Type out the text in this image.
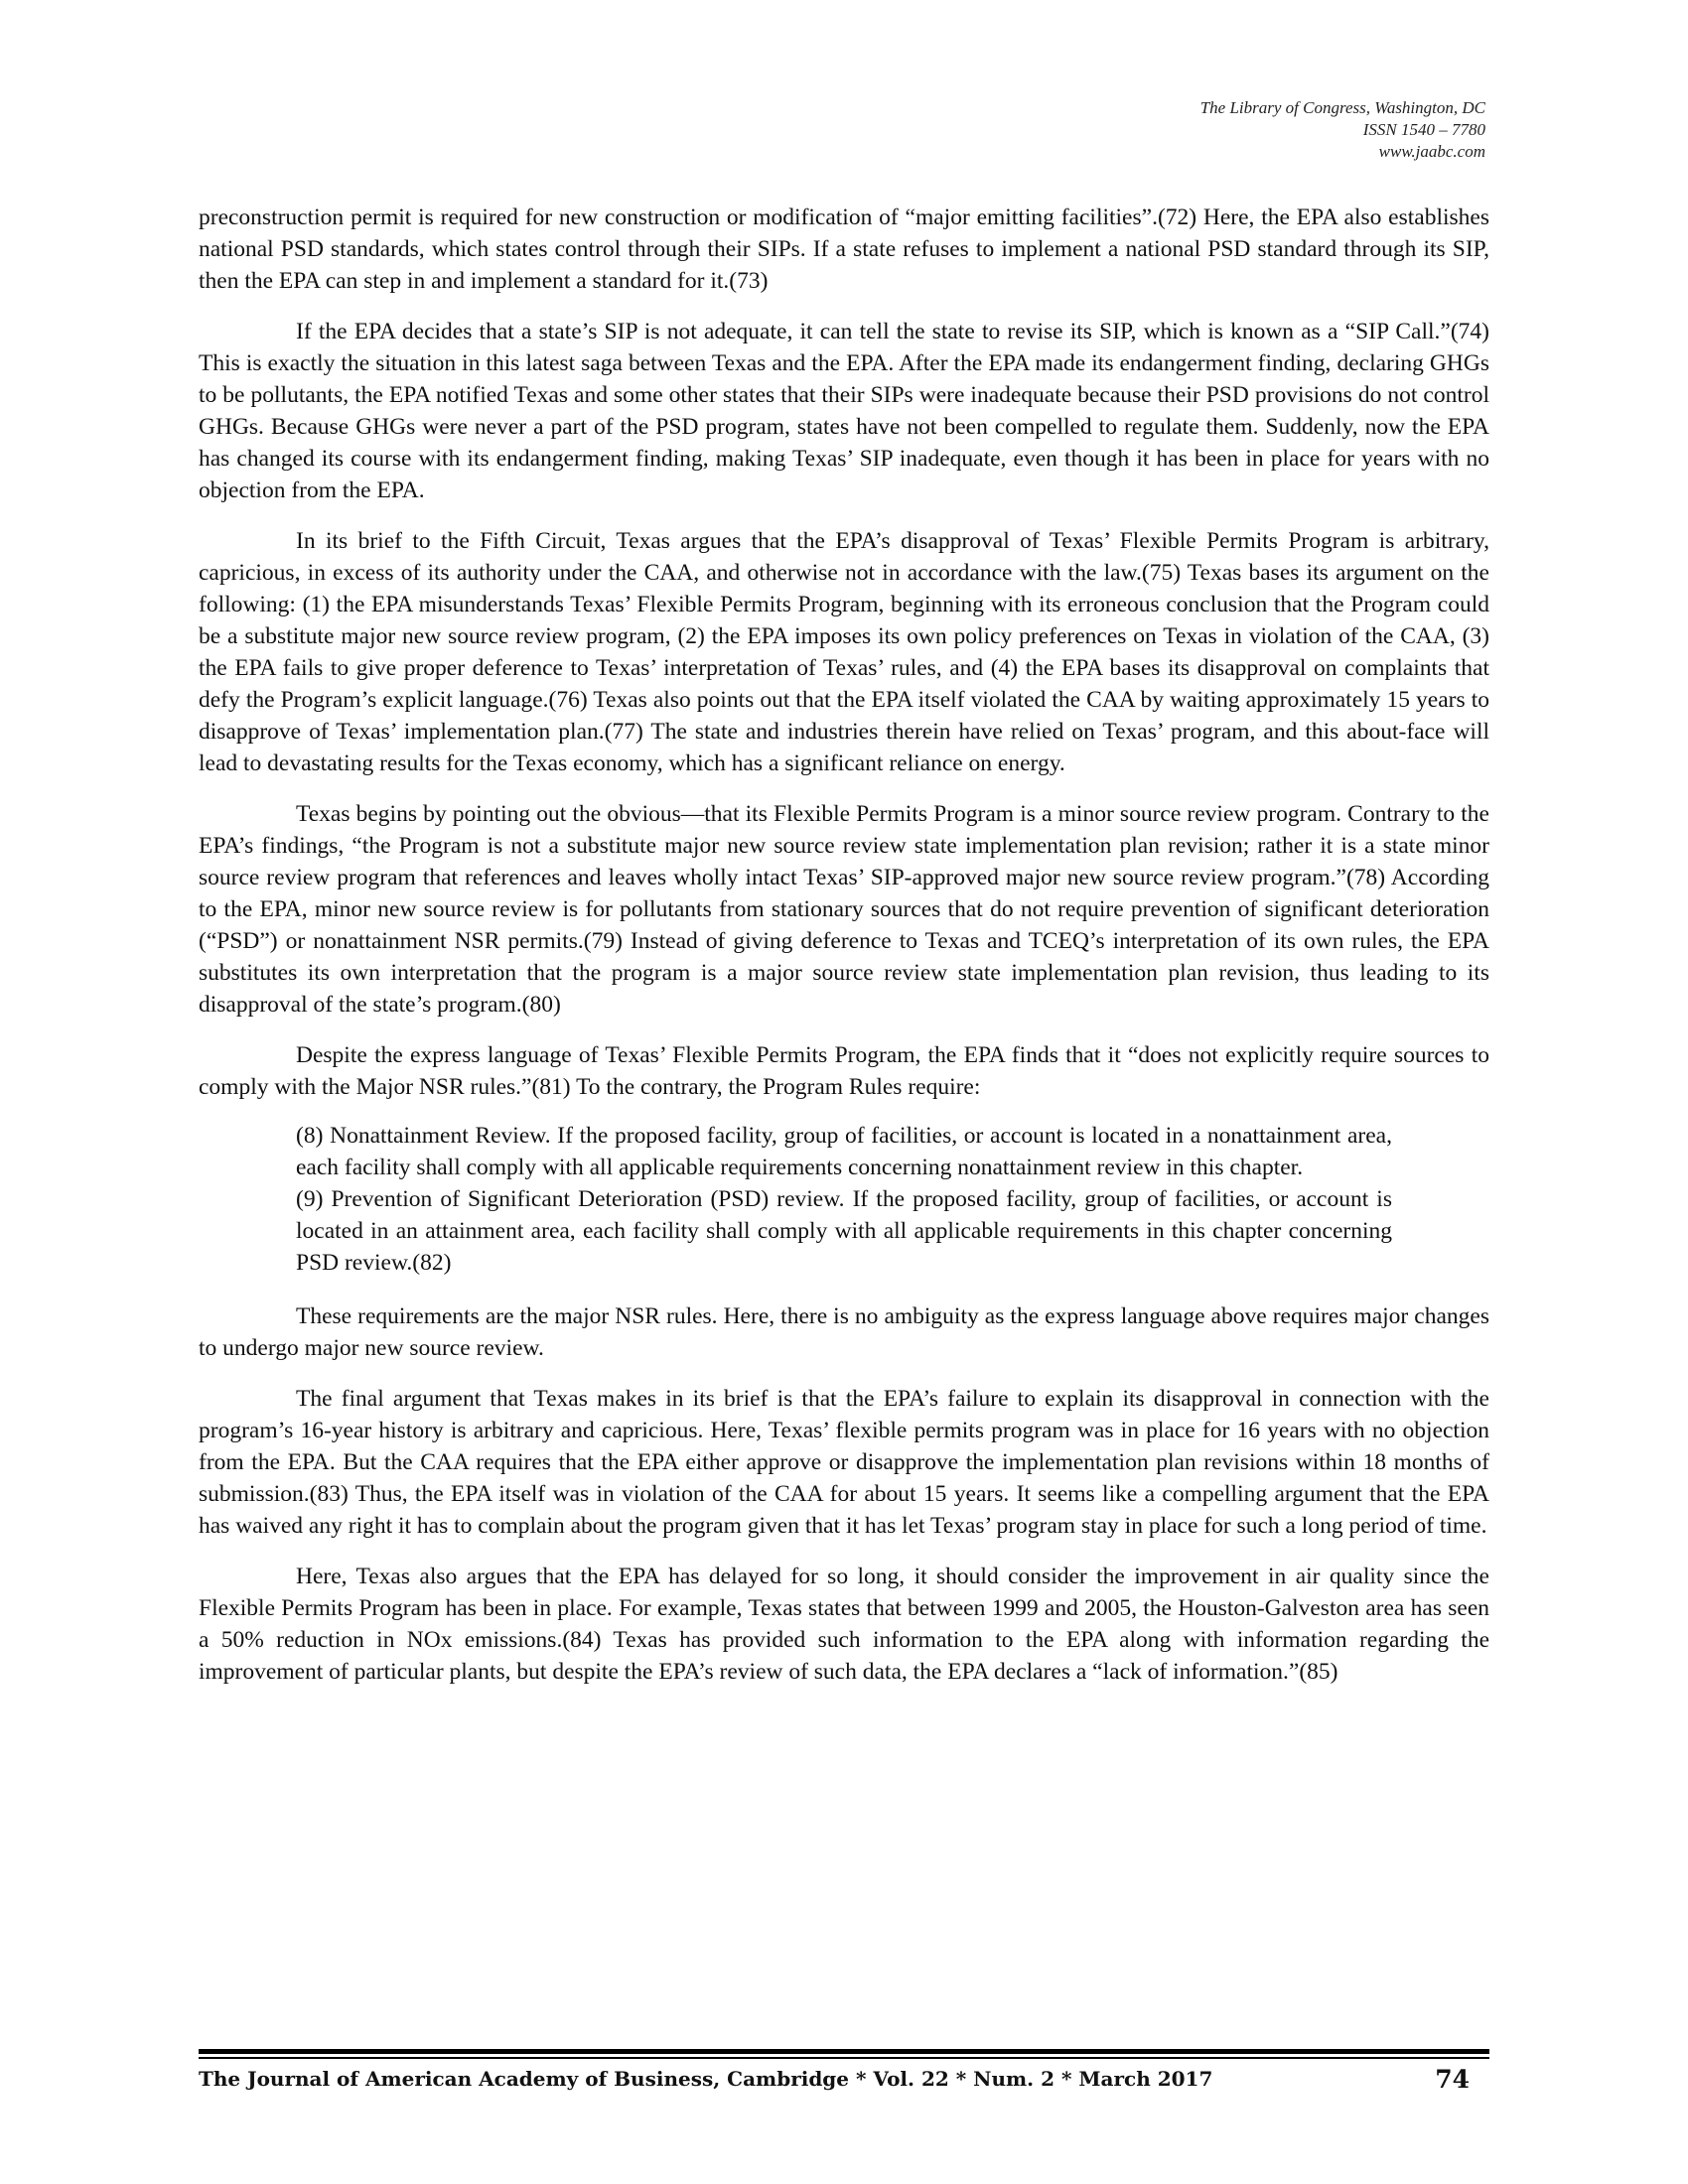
The Library of Congress, Washington, DC
ISSN 1540 – 7780
www.jaabc.com

preconstruction permit is required for new construction or modification of “major emitting facilities”.(72) Here, the EPA also establishes national PSD standards, which states control through their SIPs. If a state refuses to implement a national PSD standard through its SIP, then the EPA can step in and implement a standard for it.(73)

If the EPA decides that a state’s SIP is not adequate, it can tell the state to revise its SIP, which is known as a “SIP Call.”(74) This is exactly the situation in this latest saga between Texas and the EPA. After the EPA made its endangerment finding, declaring GHGs to be pollutants, the EPA notified Texas and some other states that their SIPs were inadequate because their PSD provisions do not control GHGs. Because GHGs were never a part of the PSD program, states have not been compelled to regulate them. Suddenly, now the EPA has changed its course with its endangerment finding, making Texas’ SIP inadequate, even though it has been in place for years with no objection from the EPA.

In its brief to the Fifth Circuit, Texas argues that the EPA’s disapproval of Texas’ Flexible Permits Program is arbitrary, capricious, in excess of its authority under the CAA, and otherwise not in accordance with the law.(75) Texas bases its argument on the following: (1) the EPA misunderstands Texas’ Flexible Permits Program, beginning with its erroneous conclusion that the Program could be a substitute major new source review program, (2) the EPA imposes its own policy preferences on Texas in violation of the CAA, (3) the EPA fails to give proper deference to Texas’ interpretation of Texas’ rules, and (4) the EPA bases its disapproval on complaints that defy the Program’s explicit language.(76) Texas also points out that the EPA itself violated the CAA by waiting approximately 15 years to disapprove of Texas’ implementation plan.(77) The state and industries therein have relied on Texas’ program, and this about-face will lead to devastating results for the Texas economy, which has a significant reliance on energy.

Texas begins by pointing out the obvious—that its Flexible Permits Program is a minor source review program. Contrary to the EPA’s findings, “the Program is not a substitute major new source review state implementation plan revision; rather it is a state minor source review program that references and leaves wholly intact Texas’ SIP-approved major new source review program.”(78) According to the EPA, minor new source review is for pollutants from stationary sources that do not require prevention of significant deterioration (“PSD”) or nonattainment NSR permits.(79) Instead of giving deference to Texas and TCEQ’s interpretation of its own rules, the EPA substitutes its own interpretation that the program is a major source review state implementation plan revision, thus leading to its disapproval of the state’s program.(80)

Despite the express language of Texas’ Flexible Permits Program, the EPA finds that it “does not explicitly require sources to comply with the Major NSR rules.”(81) To the contrary, the Program Rules require:

(8) Nonattainment Review. If the proposed facility, group of facilities, or account is located in a nonattainment area, each facility shall comply with all applicable requirements concerning nonattainment review in this chapter.
(9) Prevention of Significant Deterioration (PSD) review. If the proposed facility, group of facilities, or account is located in an attainment area, each facility shall comply with all applicable requirements in this chapter concerning PSD review.(82)

These requirements are the major NSR rules. Here, there is no ambiguity as the express language above requires major changes to undergo major new source review.

The final argument that Texas makes in its brief is that the EPA’s failure to explain its disapproval in connection with the program’s 16-year history is arbitrary and capricious. Here, Texas’ flexible permits program was in place for 16 years with no objection from the EPA. But the CAA requires that the EPA either approve or disapprove the implementation plan revisions within 18 months of submission.(83) Thus, the EPA itself was in violation of the CAA for about 15 years. It seems like a compelling argument that the EPA has waived any right it has to complain about the program given that it has let Texas’ program stay in place for such a long period of time.

Here, Texas also argues that the EPA has delayed for so long, it should consider the improvement in air quality since the Flexible Permits Program has been in place. For example, Texas states that between 1999 and 2005, the Houston-Galveston area has seen a 50% reduction in NOx emissions.(84) Texas has provided such information to the EPA along with information regarding the improvement of particular plants, but despite the EPA’s review of such data, the EPA declares a “lack of information.”(85)

The Journal of American Academy of Business, Cambridge * Vol. 22 * Num. 2 * March 2017	74
